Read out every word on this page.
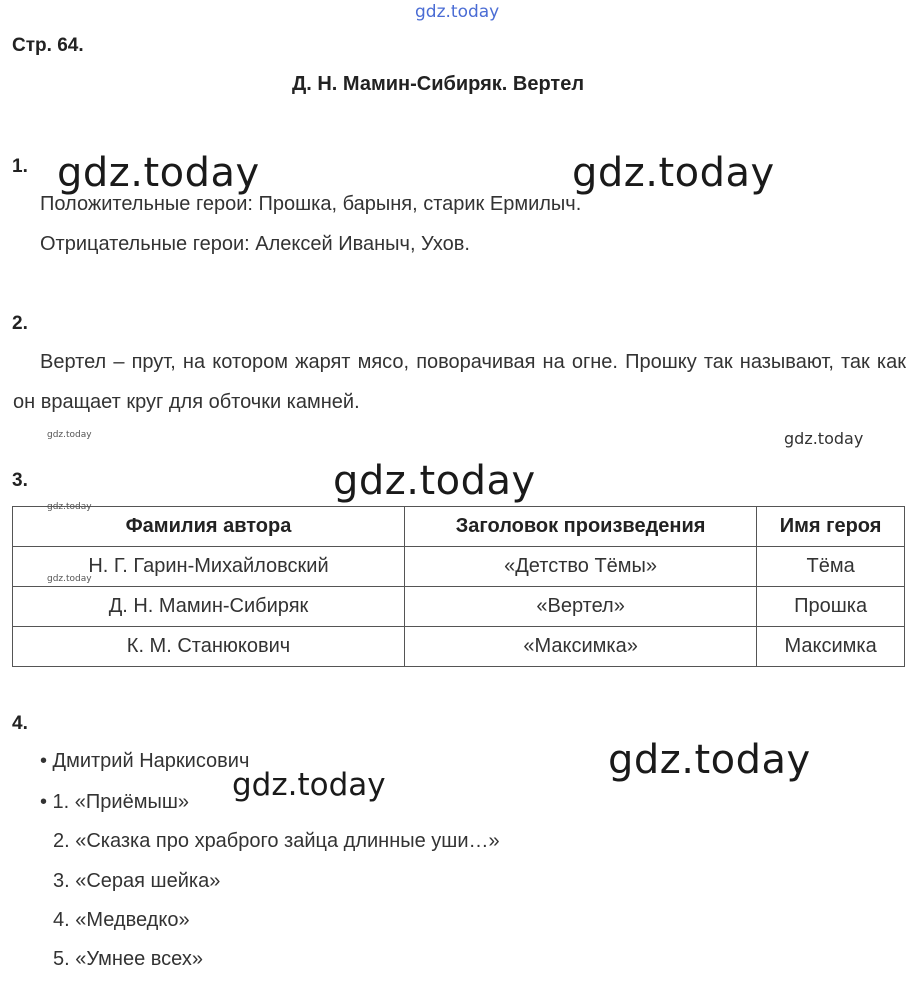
gdz.today
gdz.today	gdz.today
gdz.today	gdz.today
gdz.today
gdz.today
gdz.today
Стр. 64.
Д. Н. Мамин-Сибиряк. Вертел
1.
Положительные герои: Прошка, барыня, старик Ермилыч.
Отрицательные герои: Алексей Иваныч, Ухов.
2.
Вертел – прут, на котором жарят мясо, поворачивая на огне. Прошку так называют, так как он вращает круг для обточки камней.
3.
Фамилия автора	Заголовок произведения	Имя героя
Н. Г. Гарин-Михайловский	«Детство Тёмы»	Тёма
Д. Н. Мамин-Сибиряк	«Вертел»	Прошка
К. М. Станюкович	«Максимка»	Максимка
gdz.today
gdz.today
4.
• Дмитрий Наркисович
• 1. «Приёмыш»
2. «Сказка про храброго зайца длинные уши…»
3. «Серая шейка»
4. «Медведко»
5. «Умнее всех»
